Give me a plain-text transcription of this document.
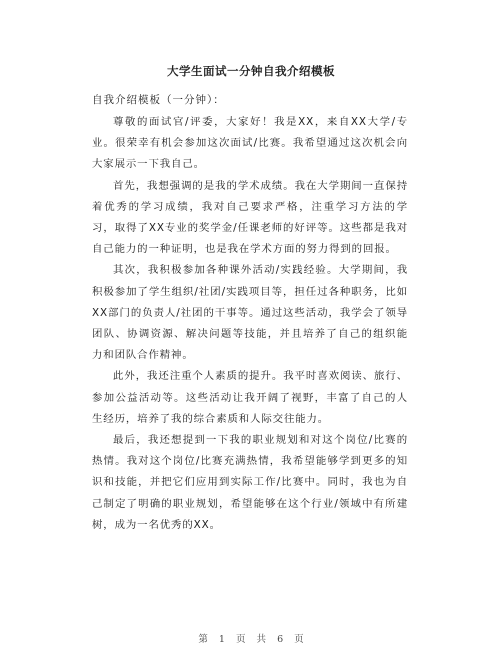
大学生面试一分钟自我介绍模板
自我介绍模板（一分钟）：

尊敬的面试官/评委，大家好！我是XX，来自XX大学/专业。很荣幸有机会参加这次面试/比赛。我希望通过这次机会向大家展示一下我自己。

首先，我想强调的是我的学术成绩。我在大学期间一直保持着优秀的学习成绩，我对自己要求严格，注重学习方法的学习，取得了XX专业的奖学金/任课老师的好评等。这些都是我对自己能力的一种证明，也是我在学术方面的努力得到的回报。

其次，我积极参加各种课外活动/实践经验。大学期间，我积极参加了学生组织/社团/实践项目等，担任过各种职务，比如XX部门的负责人/社团的干事等。通过这些活动，我学会了领导团队、协调资源、解决问题等技能，并且培养了自己的组织能力和团队合作精神。

此外，我还注重个人素质的提升。我平时喜欢阅读、旅行、参加公益活动等。这些活动让我开阔了视野，丰富了自己的人生经历，培养了我的综合素质和人际交往能力。

最后，我还想提到一下我的职业规划和对这个岗位/比赛的热情。我对这个岗位/比赛充满热情，我希望能够学到更多的知识和技能，并把它们应用到实际工作/比赛中。同时，我也为自己制定了明确的职业规划，希望能够在这个行业/领域中有所建树，成为一名优秀的XX。

第 1 页 共 6 页
